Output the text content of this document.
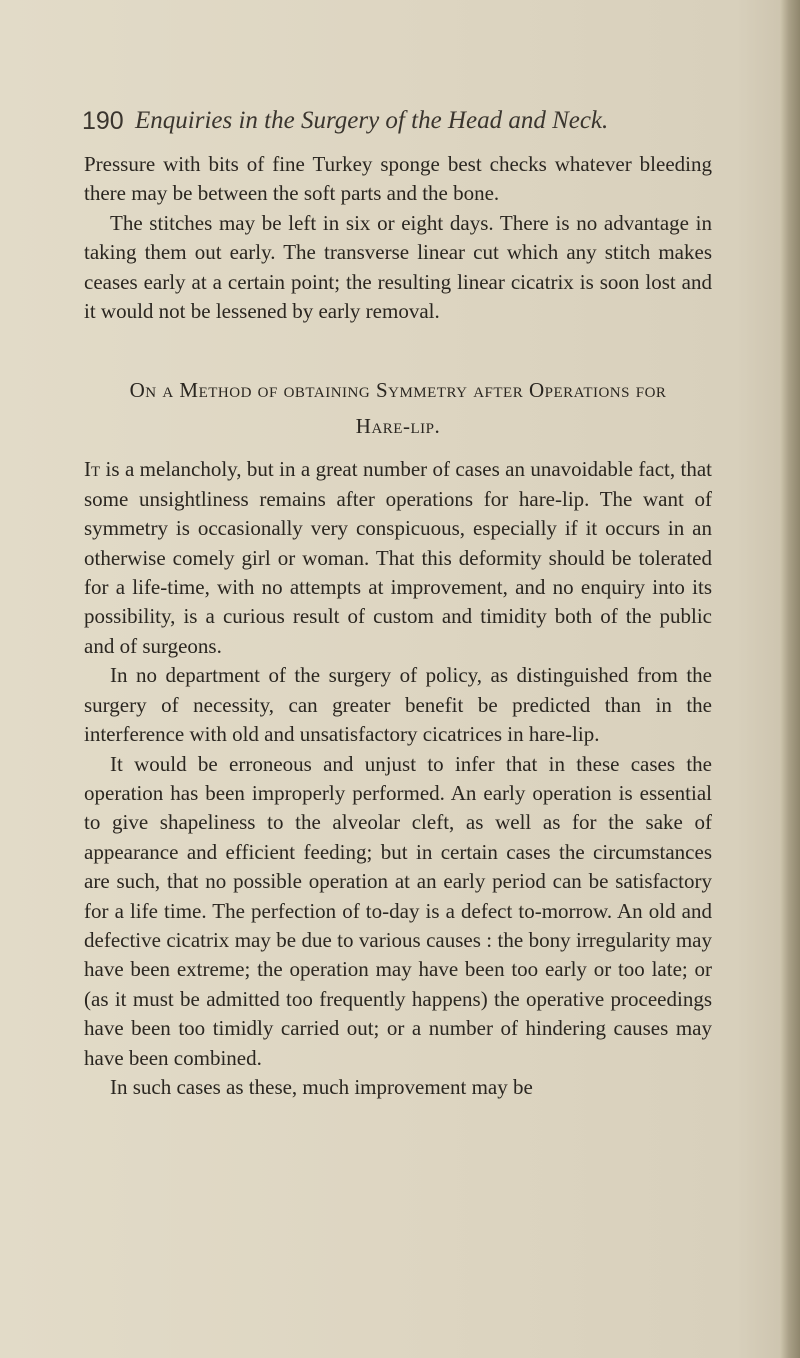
190 Enquiries in the Surgery of the Head and Neck.

Pressure with bits of fine Turkey sponge best checks whatever bleeding there may be between the soft parts and the bone.

The stitches may be left in six or eight days. There is no advantage in taking them out early. The transverse linear cut which any stitch makes ceases early at a certain point; the resulting linear cicatrix is soon lost and it would not be lessened by early removal.

On a Method of obtaining Symmetry after Operations for
Hare-lip.

It is a melancholy, but in a great number of cases an unavoidable fact, that some unsightliness remains after operations for hare-lip. The want of symmetry is occasionally very conspicuous, especially if it occurs in an otherwise comely girl or woman. That this deformity should be tolerated for a life-time, with no attempts at improvement, and no enquiry into its possibility, is a curious result of custom and timidity both of the public and of surgeons.

In no department of the surgery of policy, as distinguished from the surgery of necessity, can greater benefit be predicted than in the interference with old and unsatisfactory cicatrices in hare-lip.

It would be erroneous and unjust to infer that in these cases the operation has been improperly performed. An early operation is essential to give shapeliness to the alveolar cleft, as well as for the sake of appearance and efficient feeding; but in certain cases the circumstances are such, that no possible operation at an early period can be satisfactory for a life time. The perfection of to-day is a defect to-morrow. An old and defective cicatrix may be due to various causes : the bony irregularity may have been extreme; the operation may have been too early or too late; or (as it must be admitted too frequently happens) the operative proceedings have been too timidly carried out; or a number of hindering causes may have been combined.

In such cases as these, much improvement may be
